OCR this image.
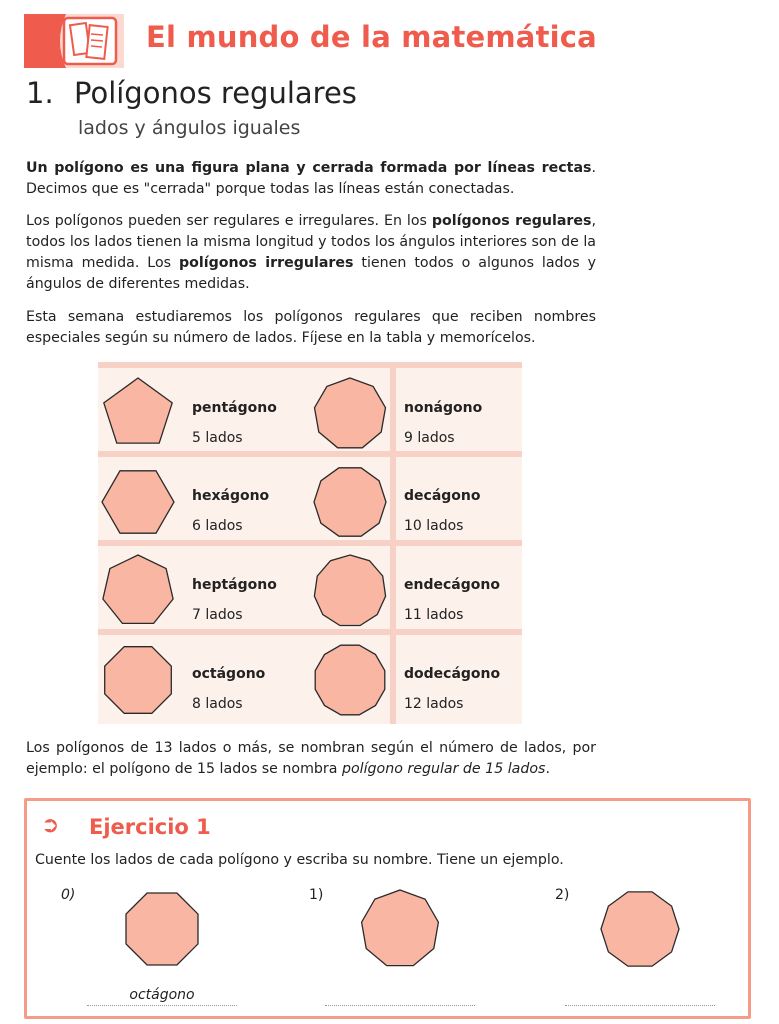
El mundo de la matemática
1. Polígonos regulares
lados y ángulos iguales

Un polígono es una figura plana y cerrada formada por líneas rectas. Decimos que es "cerrada" porque todas las líneas están conectadas.

Los polígonos pueden ser regulares e irregulares. En los polígonos regulares, todos los lados tienen la misma longitud y todos los ángulos interiores son de la misma medida. Los polígonos irregulares tienen todos o algunos lados y ángulos de diferentes medidas.

Esta semana estudiaremos los polígonos regulares que reciben nombres especiales según su número de lados. Fíjese en la tabla y memorícelos.

pentágono
5 lados
nonágono
9 lados
hexágono
6 lados
decágono
10 lados
heptágono
7 lados
endecágono
11 lados
octágono
8 lados
dodecágono
12 lados

Los polígonos de 13 lados o más, se nombran según el número de lados, por ejemplo: el polígono de 15 lados se nombra polígono regular de 15 lados.

➲ Ejercicio 1
Cuente los lados de cada polígono y escriba su nombre. Tiene un ejemplo.
0)
octágono
1)	2)
